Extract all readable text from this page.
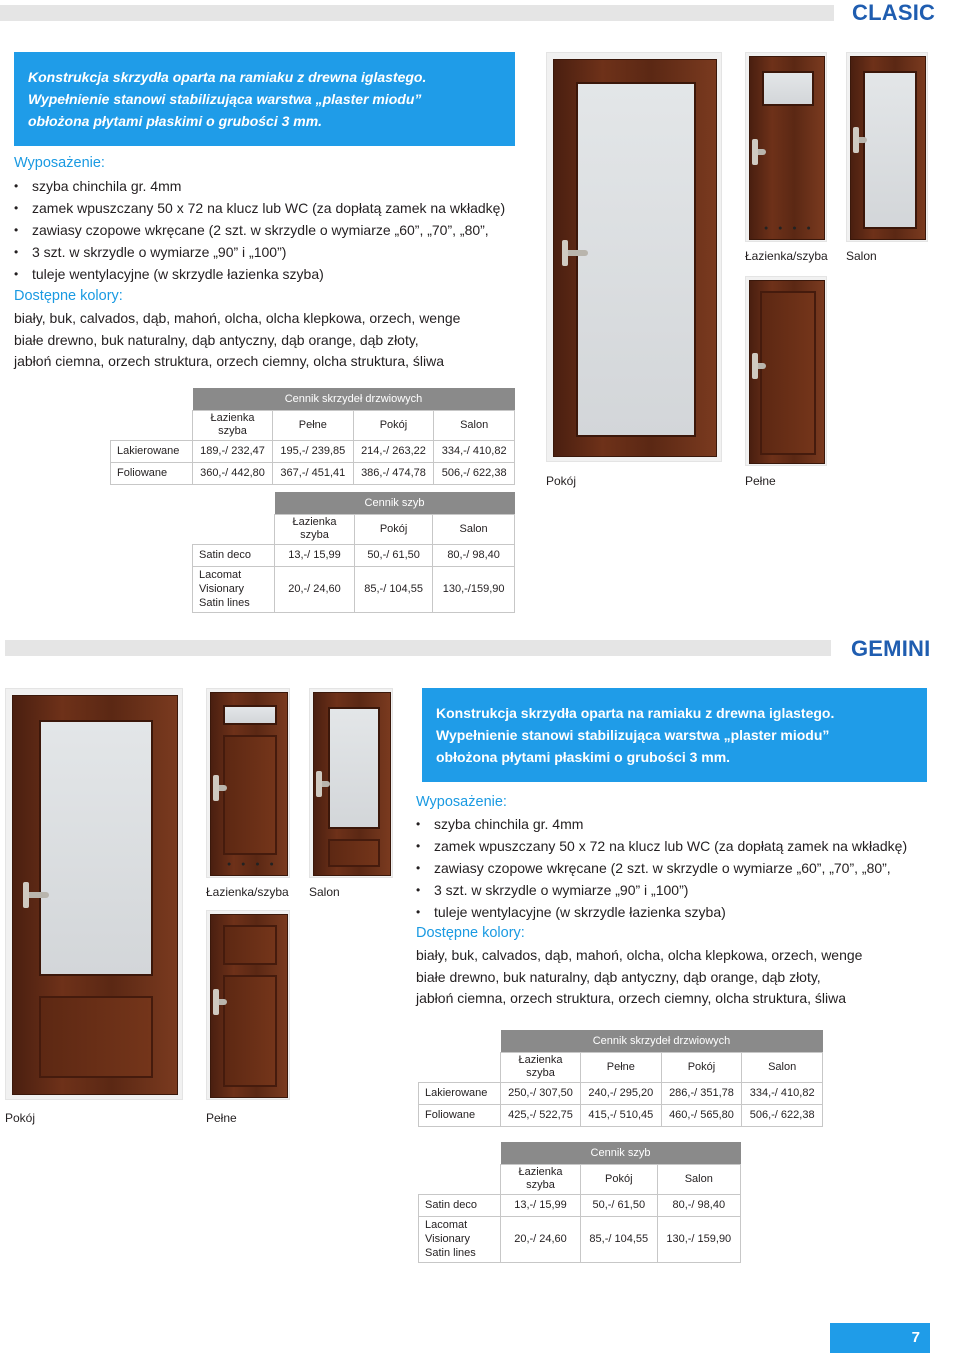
CLASIC
Konstrukcja skrzydła oparta na ramiaku z drewna iglastego.
Wypełnienie stanowi stabilizująca warstwa „plaster miodu”
obłożona płytami płaskimi o grubości 3 mm.
Wyposażenie:
• szyba chinchila gr. 4mm
• zamek wpuszczany 50 x 72 na klucz lub WC (za dopłatą zamek na wkładkę)
• zawiasy czopowe wkręcane (2 szt. w skrzydle o wymiarze „60”, „70”, „80”,
• 3 szt. w skrzydle o wymiarze „90” i „100”)
• tuleje wentylacyjne (w skrzydle łazienka szyba)
Dostępne kolory:
biały, buk, calvados, dąb, mahoń, olcha, olcha klepkowa, orzech, wenge
białe drewno, buk naturalny, dąb antyczny, dąb orange, dąb złoty,
jabłoń ciemna, orzech struktura, orzech ciemny, olcha struktura, śliwa
	Cennik skrzydeł drzwiowych			
	Łazienka szyba	Pełne	Pokój	Salon
Lakierowane	189,-/ 232,47	195,-/ 239,85	214,-/ 263,22	334,-/ 410,82
Foliowane	360,-/ 442,80	367,-/ 451,41	386,-/ 474,78	506,-/ 622,38
	Cennik szyb		
	Łazienka szyba	Pokój	Salon
Satin deco	13,-/ 15,99	50,-/ 61,50	80,-/ 98,40
Lacomat Visionary Satin lines	20,-/ 24,60	85,-/ 104,55	130,-/159,90
Pokój
● ● ● ●
Łazienka/szyba Salon
Pełne
GEMINI
Pokój
● ● ● ●
Łazienka/szyba Salon
Pełne
Konstrukcja skrzydła oparta na ramiaku z drewna iglastego.
Wypełnienie stanowi stabilizująca warstwa „plaster miodu”
obłożona płytami płaskimi o grubości 3 mm.
Wyposażenie:
• szyba chinchila gr. 4mm
• zamek wpuszczany 50 x 72 na klucz lub WC (za dopłatą zamek na wkładkę)
• zawiasy czopowe wkręcane (2 szt. w skrzydle o wymiarze „60”, „70”, „80”,
• 3 szt. w skrzydle o wymiarze „90” i „100”)
• tuleje wentylacyjne (w skrzydle łazienka szyba)
Dostępne kolory:
biały, buk, calvados, dąb, mahoń, olcha, olcha klepkowa, orzech, wenge
białe drewno, buk naturalny, dąb antyczny, dąb orange, dąb złoty,
jabłoń ciemna, orzech struktura, orzech ciemny, olcha struktura, śliwa
	Cennik skrzydeł drzwiowych			
	Łazienka szyba	Pełne	Pokój	Salon
Lakierowane	250,-/ 307,50	240,-/ 295,20	286,-/ 351,78	334,-/ 410,82
Foliowane	425,-/ 522,75	415,-/ 510,45	460,-/ 565,80	506,-/ 622,38
	Cennik szyb		
	Łazienka szyba	Pokój	Salon
Satin deco	13,-/ 15,99	50,-/ 61,50	80,-/ 98,40
Lacomat Visionary Satin lines	20,-/ 24,60	85,-/ 104,55	130,-/ 159,90
7
